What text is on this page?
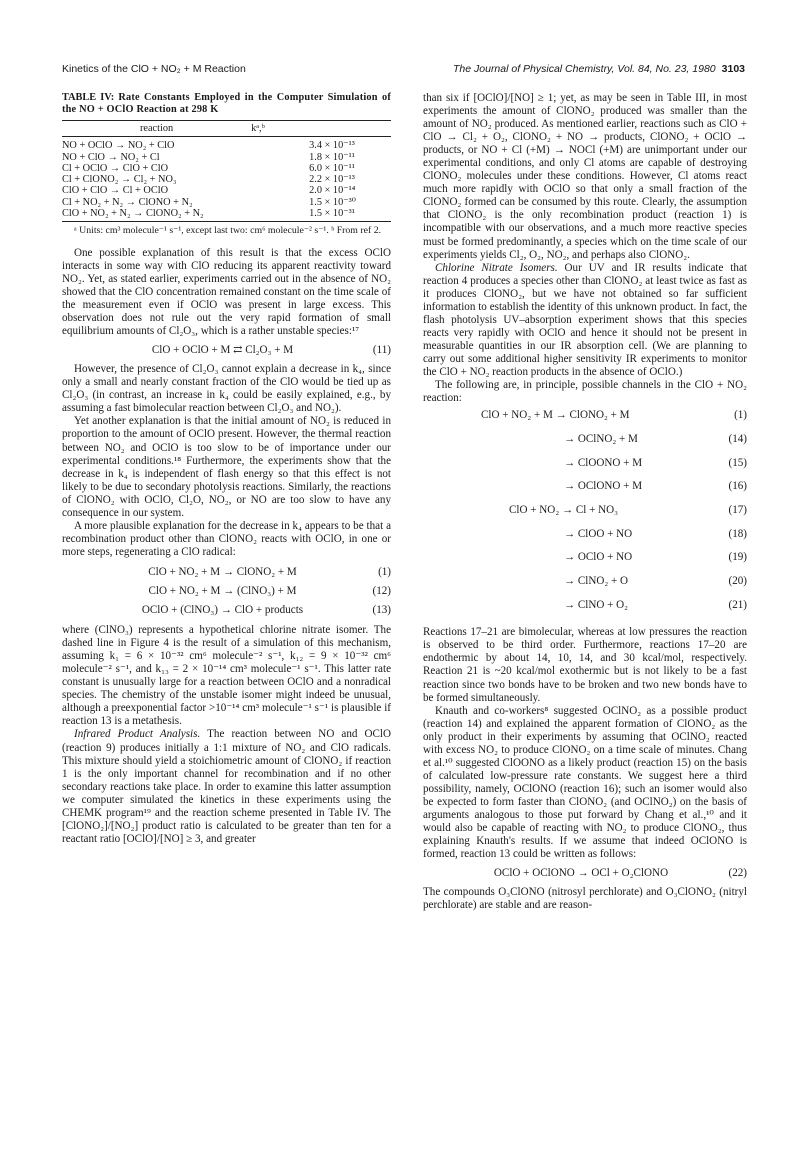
Kinetics of the ClO + NO₂ + M Reaction	The Journal of Physical Chemistry, Vol. 84, No. 23, 1980 3103
TABLE IV: Rate Constants Employed in the Computer Simulation of the NO + OClO Reaction at 298 K
reaction	kᵃ,ᵇ
NO + OClO → NO₂ + ClO	3.4 × 10⁻¹³
NO + ClO → NO₂ + Cl	1.8 × 10⁻¹¹
Cl + OClO → ClO + ClO	6.0 × 10⁻¹¹
Cl + ClONO₂ → Cl₂ + NO₃	2.2 × 10⁻¹³
ClO + ClO → Cl + OClO	2.0 × 10⁻¹⁴
Cl + NO₂ + N₂ → ClONO + N₂	1.5 × 10⁻³⁰
ClO + NO₂ + N₂ → ClONO₂ + N₂	1.5 × 10⁻³¹
ᵃ Units: cm³ molecule⁻¹ s⁻¹, except last two: cm⁶ molecule⁻² s⁻¹. ᵇ From ref 2.

One possible explanation of this result is that the excess OClO interacts in some way with ClO reducing its apparent reactivity toward NO₂. Yet, as stated earlier, experiments carried out in the absence of NO₂ showed that the ClO concentration remained constant on the time scale of the measurement even if OClO was present in large excess. This observation does not rule out the very rapid formation of small equilibrium amounts of Cl₂O₃, which is a rather unstable species:¹⁷

ClO + OClO + M ⇄ Cl₂O₃ + M	(11)

However, the presence of Cl₂O₃ cannot explain a decrease in k₄, since only a small and nearly constant fraction of the ClO would be tied up as Cl₂O₃ (in contrast, an increase in k₄ could be easily explained, e.g., by assuming a fast bimolecular reaction between Cl₂O₃ and NO₂).

Yet another explanation is that the initial amount of NO₂ is reduced in proportion to the amount of OClO present. However, the thermal reaction between NO₂ and OClO is too slow to be of importance under our experimental conditions.¹⁸ Furthermore, the experiments show that the decrease in k₄ is independent of flash energy so that this effect is not likely to be due to secondary photolysis reactions. Similarly, the reactions of ClONO₂ with OClO, Cl₂O, NO₂, or NO are too slow to have any consequence in our system.

A more plausible explanation for the decrease in k₄ appears to be that a recombination product other than ClONO₂ reacts with OClO, in one or more steps, regenerating a ClO radical:

ClO + NO₂ + M → ClONO₂ + M	(1)
ClO + NO₂ + M → (ClNO₃) + M	(12)
OClO + (ClNO₃) → ClO + products	(13)

where (ClNO₃) represents a hypothetical chlorine nitrate isomer. The dashed line in Figure 4 is the result of a simulation of this mechanism, assuming k₁ = 6 × 10⁻³² cm⁶ molecule⁻² s⁻¹, k₁₂ = 9 × 10⁻³² cm⁶ molecule⁻² s⁻¹, and k₁₃ = 2 × 10⁻¹⁴ cm³ molecule⁻¹ s⁻¹. This latter rate constant is unusually large for a reaction between OClO and a nonradical species. The chemistry of the unstable isomer might indeed be unusual, although a preexponential factor >10⁻¹⁴ cm³ molecule⁻¹ s⁻¹ is plausible if reaction 13 is a metathesis.

Infrared Product Analysis. The reaction between NO and OClO (reaction 9) produces initially a 1:1 mixture of NO₂ and ClO radicals. This mixture should yield a stoichiometric amount of ClONO₂ if reaction 1 is the only important channel for recombination and if no other secondary reactions take place. In order to examine this latter assumption we computer simulated the kinetics in these experiments using the CHEMK program¹⁹ and the reaction scheme presented in Table IV. The [ClONO₂]/[NO₂] product ratio is calculated to be greater than ten for a reactant ratio [OClO]/[NO] ≥ 3, and greater

than six if [OClO]/[NO] ≥ 1; yet, as may be seen in Table III, in most experiments the amount of ClONO₂ produced was smaller than the amount of NO₂ produced. As mentioned earlier, reactions such as ClO + ClO → Cl₂ + O₂, ClONO₂ + NO → products, ClONO₂ + OClO → products, or NO + Cl (+M) → NOCl (+M) are unimportant under our experimental conditions, and only Cl atoms are capable of destroying ClONO₂ molecules under these conditions. However, Cl atoms react much more rapidly with OClO so that only a small fraction of the ClONO₂ formed can be consumed by this route. Clearly, the assumption that ClONO₂ is the only recombination product (reaction 1) is incompatible with our observations, and a much more reactive species must be formed predominantly, a species which on the time scale of our experiments yields Cl₂, O₂, NO₂, and perhaps also ClONO₂.

Chlorine Nitrate Isomers. Our UV and IR results indicate that reaction 4 produces a species other than ClONO₂ at least twice as fast as it produces ClONO₂, but we have not obtained so far sufficient information to establish the identity of this unknown product. In fact, the flash photolysis UV–absorption experiment shows that this species reacts very rapidly with OClO and hence it should not be present in measurable quantities in our IR absorption cell. (We are planning to carry out some additional higher sensitivity IR experiments to monitor the ClO + NO₂ reaction products in the absence of OClO.)

The following are, in principle, possible channels in the ClO + NO₂ reaction:

ClO + NO₂ + M → ClONO₂ + M	(1)
→ OClNO₂ + M	(14)
→ ClOONO + M	(15)
→ OClONO + M	(16)
ClO + NO₂ → Cl + NO₃	(17)
→ ClOO + NO	(18)
→ OClO + NO	(19)
→ ClNO₂ + O	(20)
→ ClNO + O₂	(21)

Reactions 17–21 are bimolecular, whereas at low pressures the reaction is observed to be third order. Furthermore, reactions 17–20 are endothermic by about 14, 10, 14, and 30 kcal/mol, respectively. Reaction 21 is ~20 kcal/mol exothermic but is not likely to be a fast reaction since two bonds have to be broken and two new bonds have to be formed simultaneously.

Knauth and co-workers⁸ suggested OClNO₂ as a possible product (reaction 14) and explained the apparent formation of ClONO₂ as the only product in their experiments by assuming that OClNO₂ reacted with excess NO₂ to produce ClONO₂ on a time scale of minutes. Chang et al.¹⁰ suggested ClOONO as a likely product (reaction 15) on the basis of calculated low-pressure rate constants. We suggest here a third possibility, namely, OClONO (reaction 16); such an isomer would also be expected to form faster than ClONO₂ (and OClNO₂) on the basis of arguments analogous to those put forward by Chang et al.,¹⁰ and it would also be capable of reacting with NO₂ to produce ClONO₂, thus explaining Knauth's results. If we assume that indeed OClONO is formed, reaction 13 could be written as follows:

OClO + OClONO → OCl + O₂ClONO	(22)

The compounds O₃ClONO (nitrosyl perchlorate) and O₃ClONO₂ (nitryl perchlorate) are stable and are reason-
